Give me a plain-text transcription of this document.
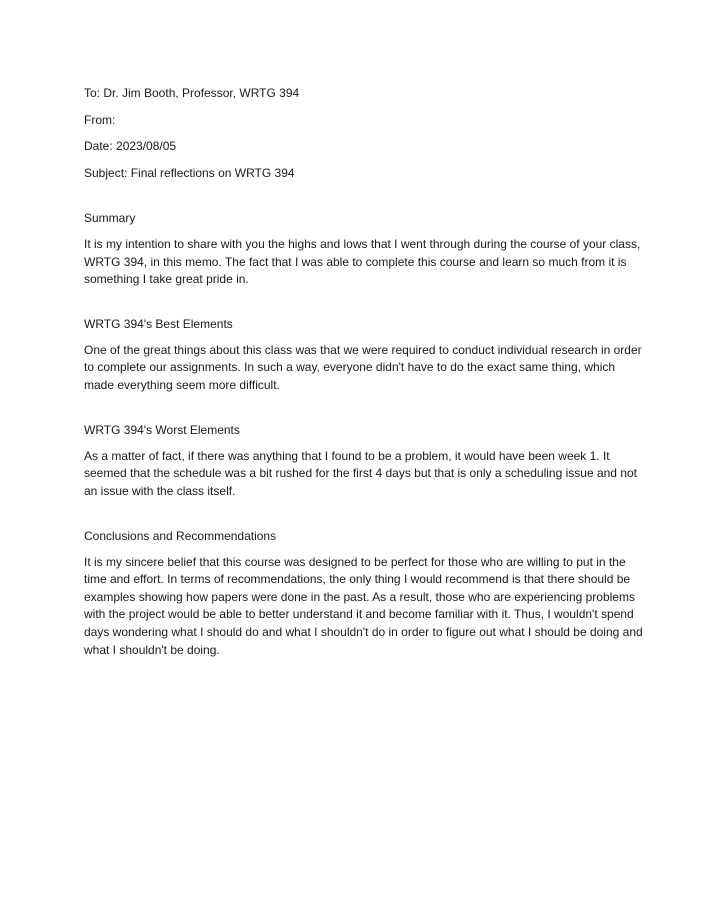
To: Dr. Jim Booth, Professor, WRTG 394

From:

Date: 2023/08/05

Subject: Final reflections on WRTG 394

Summary

It is my intention to share with you the highs and lows that I went through during the course of your class, WRTG 394, in this memo. The fact that I was able to complete this course and learn so much from it is something I take great pride in.

WRTG 394's Best Elements

One of the great things about this class was that we were required to conduct individual research in order to complete our assignments. In such a way, everyone didn't have to do the exact same thing, which made everything seem more difficult.

WRTG 394's Worst Elements

As a matter of fact, if there was anything that I found to be a problem, it would have been week 1. It seemed that the schedule was a bit rushed for the first 4 days but that is only a scheduling issue and not an issue with the class itself.

Conclusions and Recommendations

It is my sincere belief that this course was designed to be perfect for those who are willing to put in the time and effort. In terms of recommendations, the only thing I would recommend is that there should be examples showing how papers were done in the past. As a result, those who are experiencing problems with the project would be able to better understand it and become familiar with it. Thus, I wouldn't spend days wondering what I should do and what I shouldn't do in order to figure out what I should be doing and what I shouldn't be doing.
